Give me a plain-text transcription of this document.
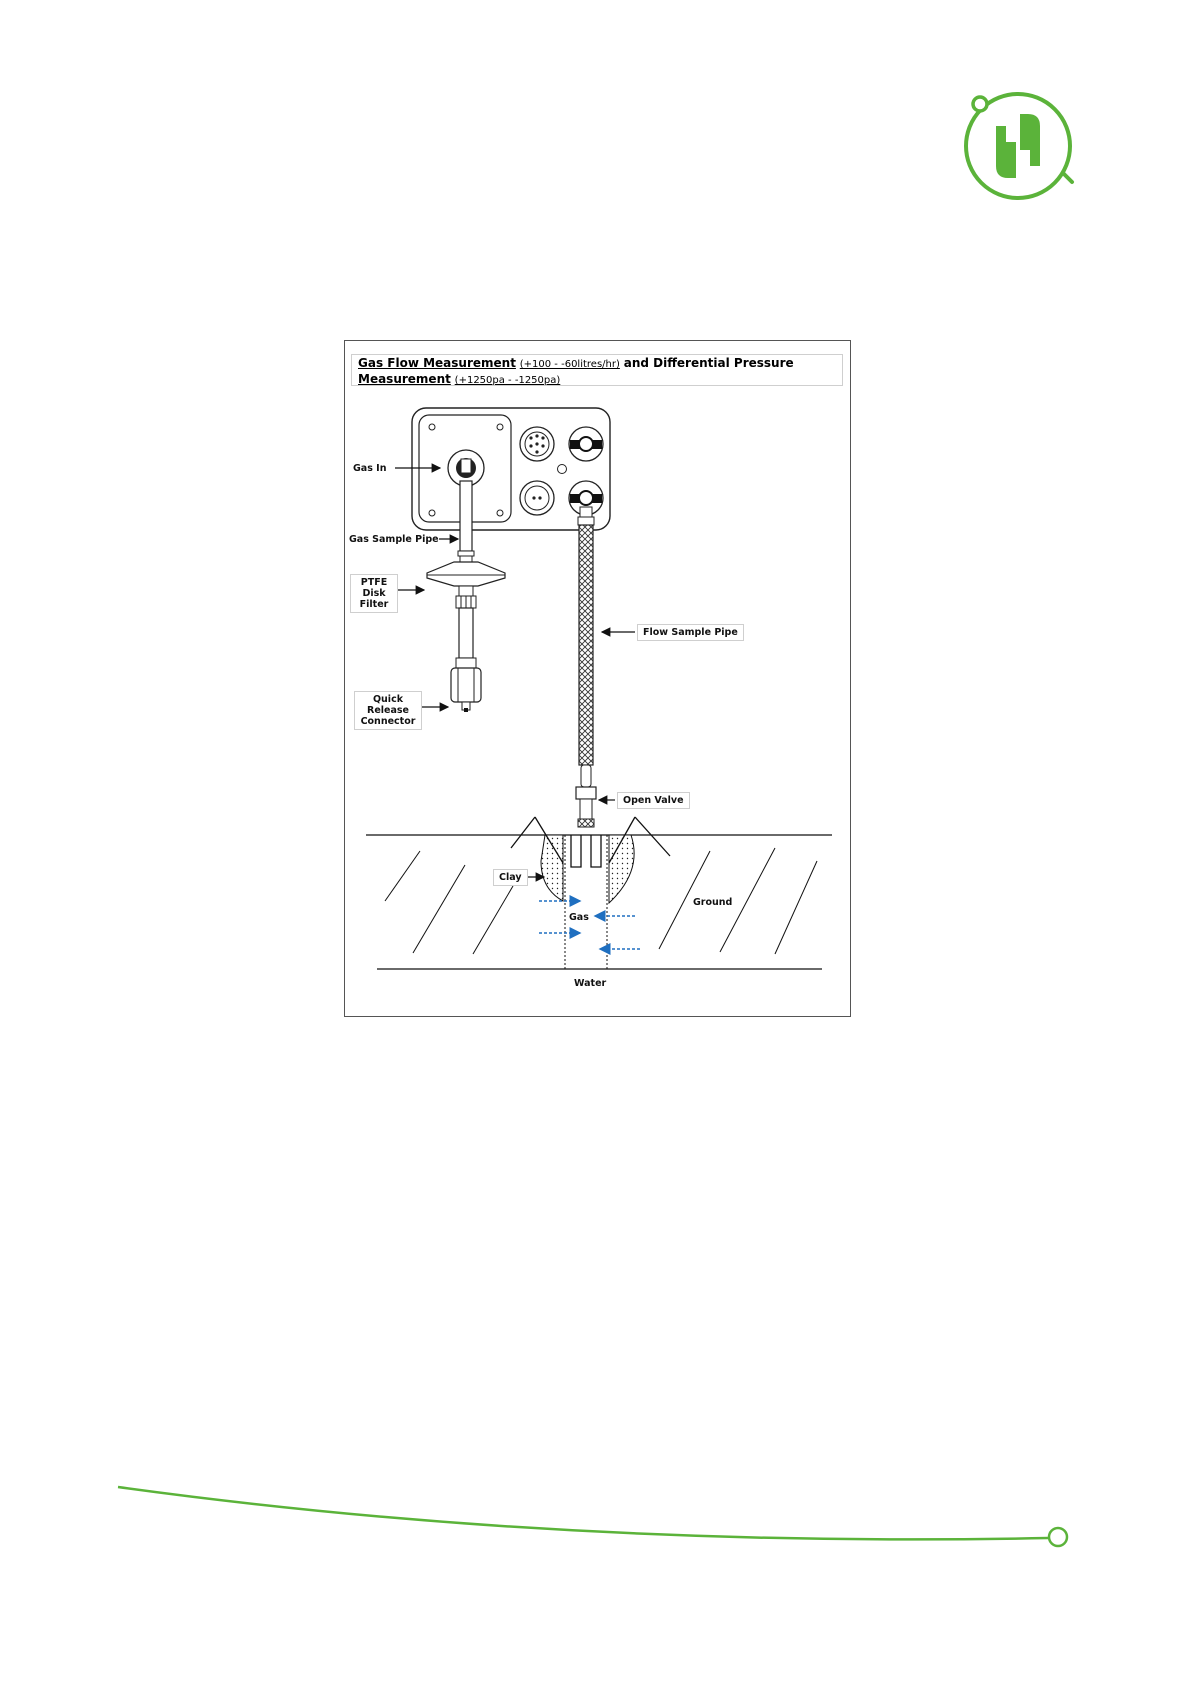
Gas Flow Measurement (+100 - -60litres/hr) and Differential Pressure
Measurement (+1250pa - -1250pa)
Gas In
Gas Sample Pipe
PTFE
Disk
Filter
Quick
Release
Connector
Flow Sample Pipe
Open Valve
Clay
Gas
Ground
Water
